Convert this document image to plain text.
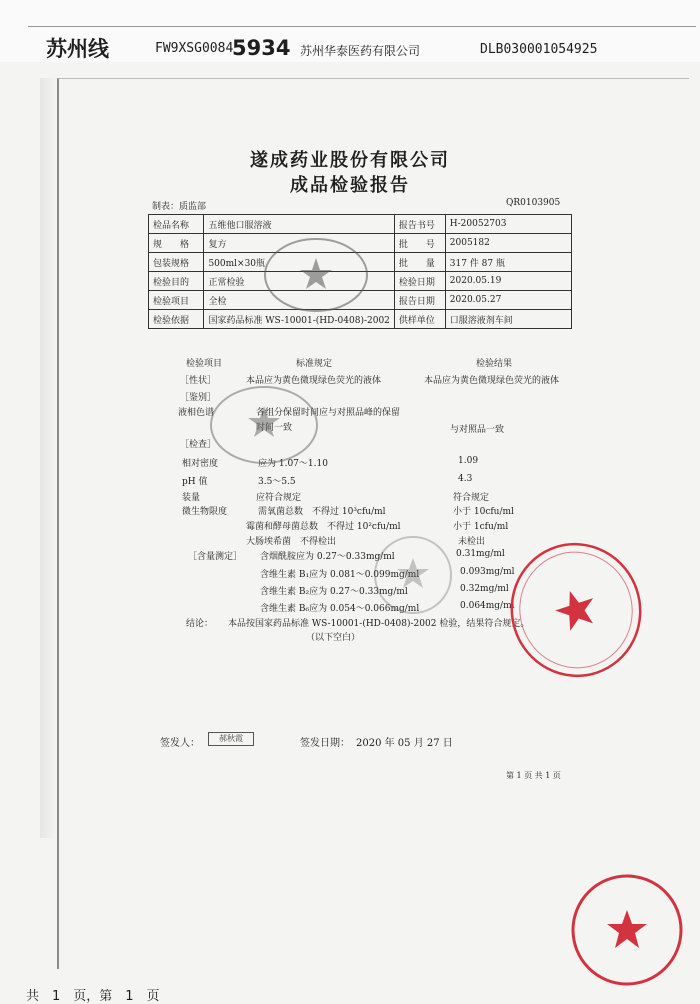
苏州线	FW9XSG0084
5934 苏州华泰医药有限公司	DLB030001054925
遂成药业股份有限公司
成品检验报告
制表：质监部	QR0103905
检品名称	五维他口服溶液	报告书号	H-20052703
规　　格	复方	批　　号	2005182
包装规格	500ml×30瓶	批　　量	317 件 87 瓶
检验目的	正常检验	检验日期	2020.05.19
检验项目	全检	报告日期	2020.05.27
检验依据	国家药品标准 WS-10001-(HD-0408)-2002	供样单位	口服溶液剂车间
检验项目	标准规定	检验结果
［性状］	本品应为黄色微现绿色荧光的液体	本品应为黄色微现绿色荧光的液体
［鉴别］
液相色谱	各组分保留时间应与对照品峰的保留
时间一致	与对照品一致
［检查］
相对密度	应为 1.07～1.10	1.09
pH 值	3.5～5.5	4.3
装量	应符合规定	符合规定
微生物限度	需氧菌总数　不得过 10³cfu/ml	小于 10cfu/ml
霉菌和酵母菌总数　不得过 10²cfu/ml	小于 1cfu/ml
大肠埃希菌　不得检出	未检出
［含量测定］ 含烟酰胺应为 0.27～0.33mg/ml	0.31mg/ml
含维生素 B₁应为 0.081～0.099mg/ml	0.093mg/ml
含维生素 B₂应为 0.27～0.33mg/ml	0.32mg/ml
含维生素 B₆应为 0.054～0.066mg/ml	0.064mg/ml
结论： 本品按国家药品标准 WS-10001-(HD-0408)-2002 检验，结果符合规定。
（以下空白）
签发人：	郝秋霞	签发日期： 2020 年 05 月 27 日
第 1 页 共 1 页
共　1　页，第　1　页
